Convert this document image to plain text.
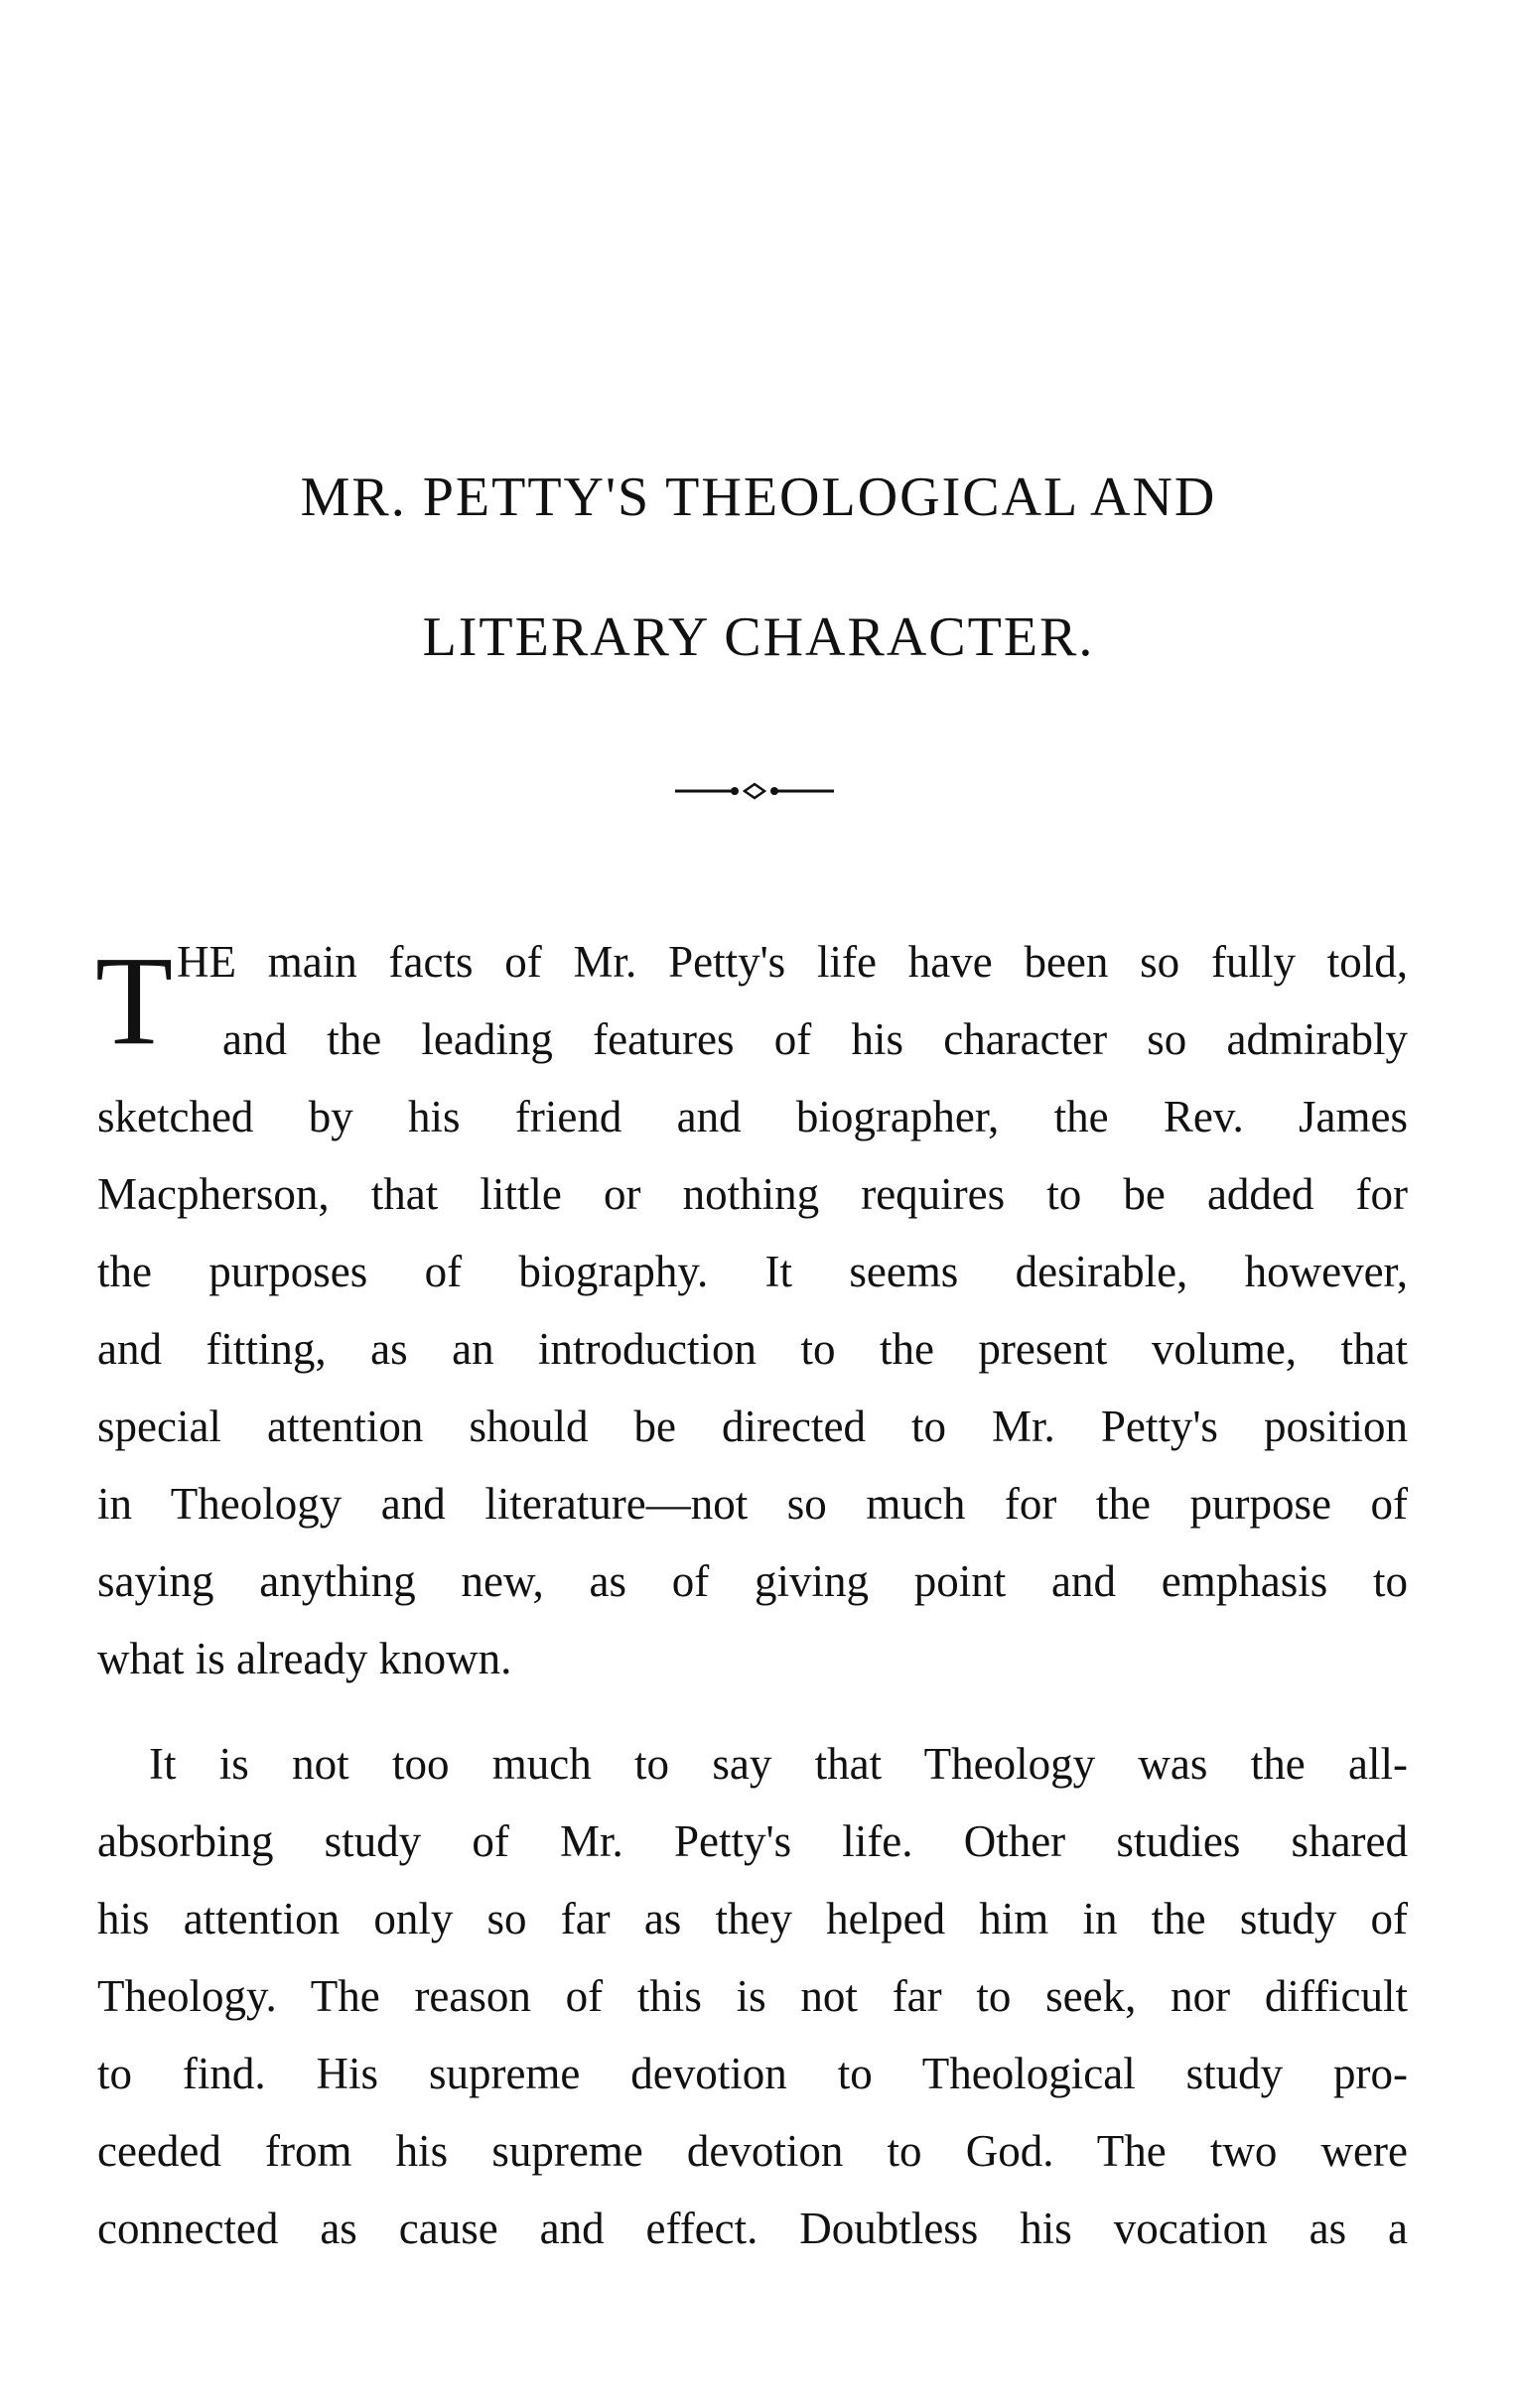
MR. PETTY'S THEOLOGICAL AND
LITERARY CHARACTER.
T HE main facts of Mr. Petty's life have been so fully told,
and the leading features of his character so admirably
sketched by his friend and biographer, the Rev. James
Macpherson, that little or nothing requires to be added for
the purposes of biography. It seems desirable, however,
and fitting, as an introduction to the present volume, that
special attention should be directed to Mr. Petty's position
in Theology and literature—not so much for the purpose of
saying anything new, as of giving point and emphasis to
what is already known.
It is not too much to say that Theology was the all-
absorbing study of Mr. Petty's life. Other studies shared
his attention only so far as they helped him in the study of
Theology. The reason of this is not far to seek, nor difficult
to find. His supreme devotion to Theological study pro-
ceeded from his supreme devotion to God. The two were
connected as cause and effect. Doubtless his vocation as a
